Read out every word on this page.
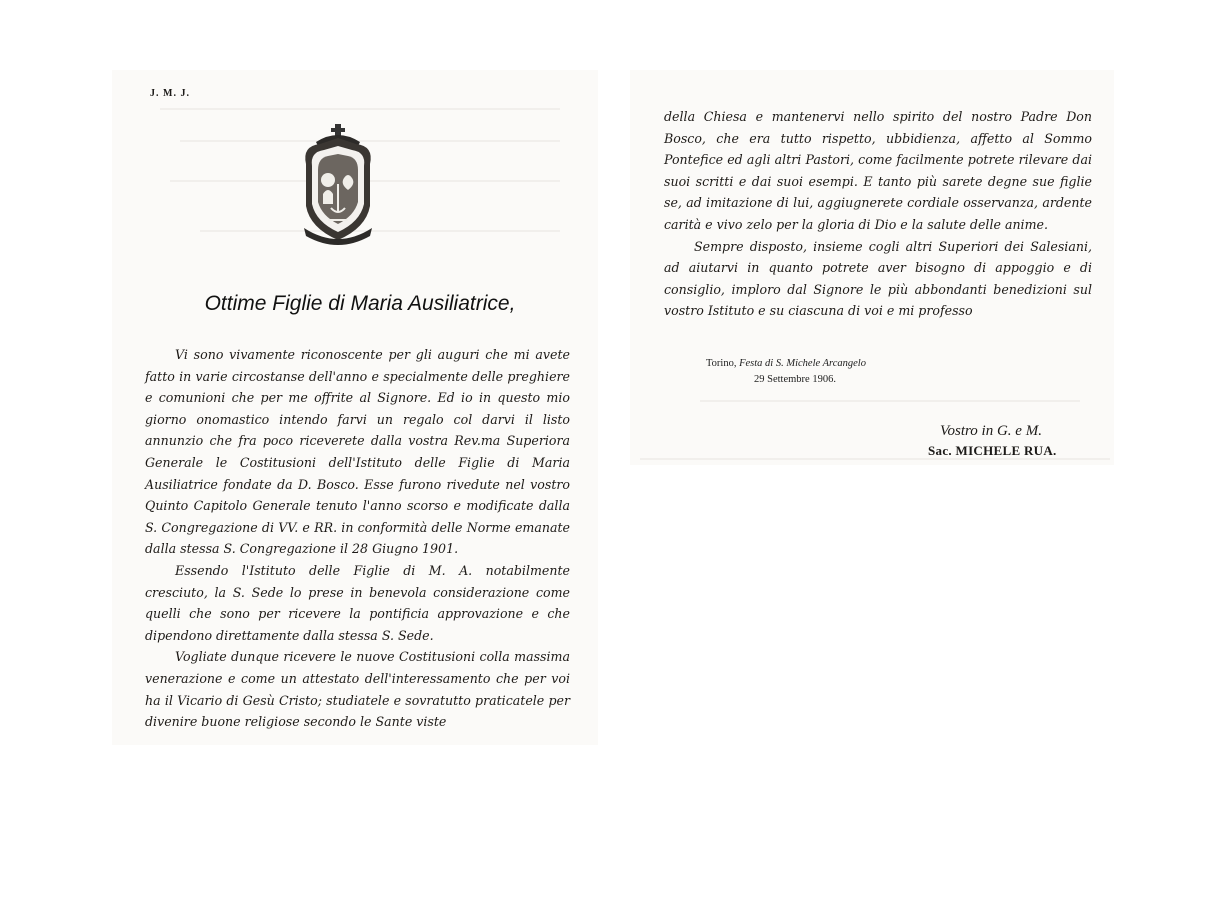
J. M. J.
Ottime Figlie di Maria Ausiliatrice,

Vi sono vivamente riconoscente per gli auguri che mi avete fatto in varie circostanse dell'anno e specialmente delle preghiere e comunioni che per me offrite al Signore. Ed io in questo mio giorno onomastico intendo farvi un regalo col darvi il listo annunzio che fra poco riceverete dalla vostra Rev.ma Superiora Generale le Costitusioni dell'Istituto delle Figlie di Maria Ausiliatrice fondate da D. Bosco. Esse furono rivedute nel vostro Quinto Capitolo Generale tenuto l'anno scorso e modificate dalla S. Congregazione di VV. e RR. in conformità delle Norme emanate dalla stessa S. Congregazione il 28 Giugno 1901.

Essendo l'Istituto delle Figlie di M. A. notabilmente cresciuto, la S. Sede lo prese in benevola considerazione come quelli che sono per ricevere la pontificia approvazione e che dipendono direttamente dalla stessa S. Sede.

Vogliate dunque ricevere le nuove Costitusioni colla massima venerazione e come un attestato dell'interessamento che per voi ha il Vicario di Gesù Cristo; studiatele e sovratutto praticatele per divenire buone religiose secondo le Sante viste

della Chiesa e mantenervi nello spirito del nostro Padre Don Bosco, che era tutto rispetto, ubbidienza, affetto al Sommo Pontefice ed agli altri Pastori, come facilmente potrete rilevare dai suoi scritti e dai suoi esempi. E tanto più sarete degne sue figlie se, ad imitazione di lui, aggiugnerete cordiale osservanza, ardente carità e vivo zelo per la gloria di Dio e la salute delle anime.

Sempre disposto, insieme cogli altri Superiori dei Salesiani, ad aiutarvi in quanto potrete aver bisogno di appoggio e di consiglio, imploro dal Signore le più abbondanti benedizioni sul vostro Istituto e su ciascuna di voi e mi professo

Torino, Festa di S. Michele Arcangelo
29 Settembre 1906.
Vostro in G. e M.
Sac. MICHELE RUA.
